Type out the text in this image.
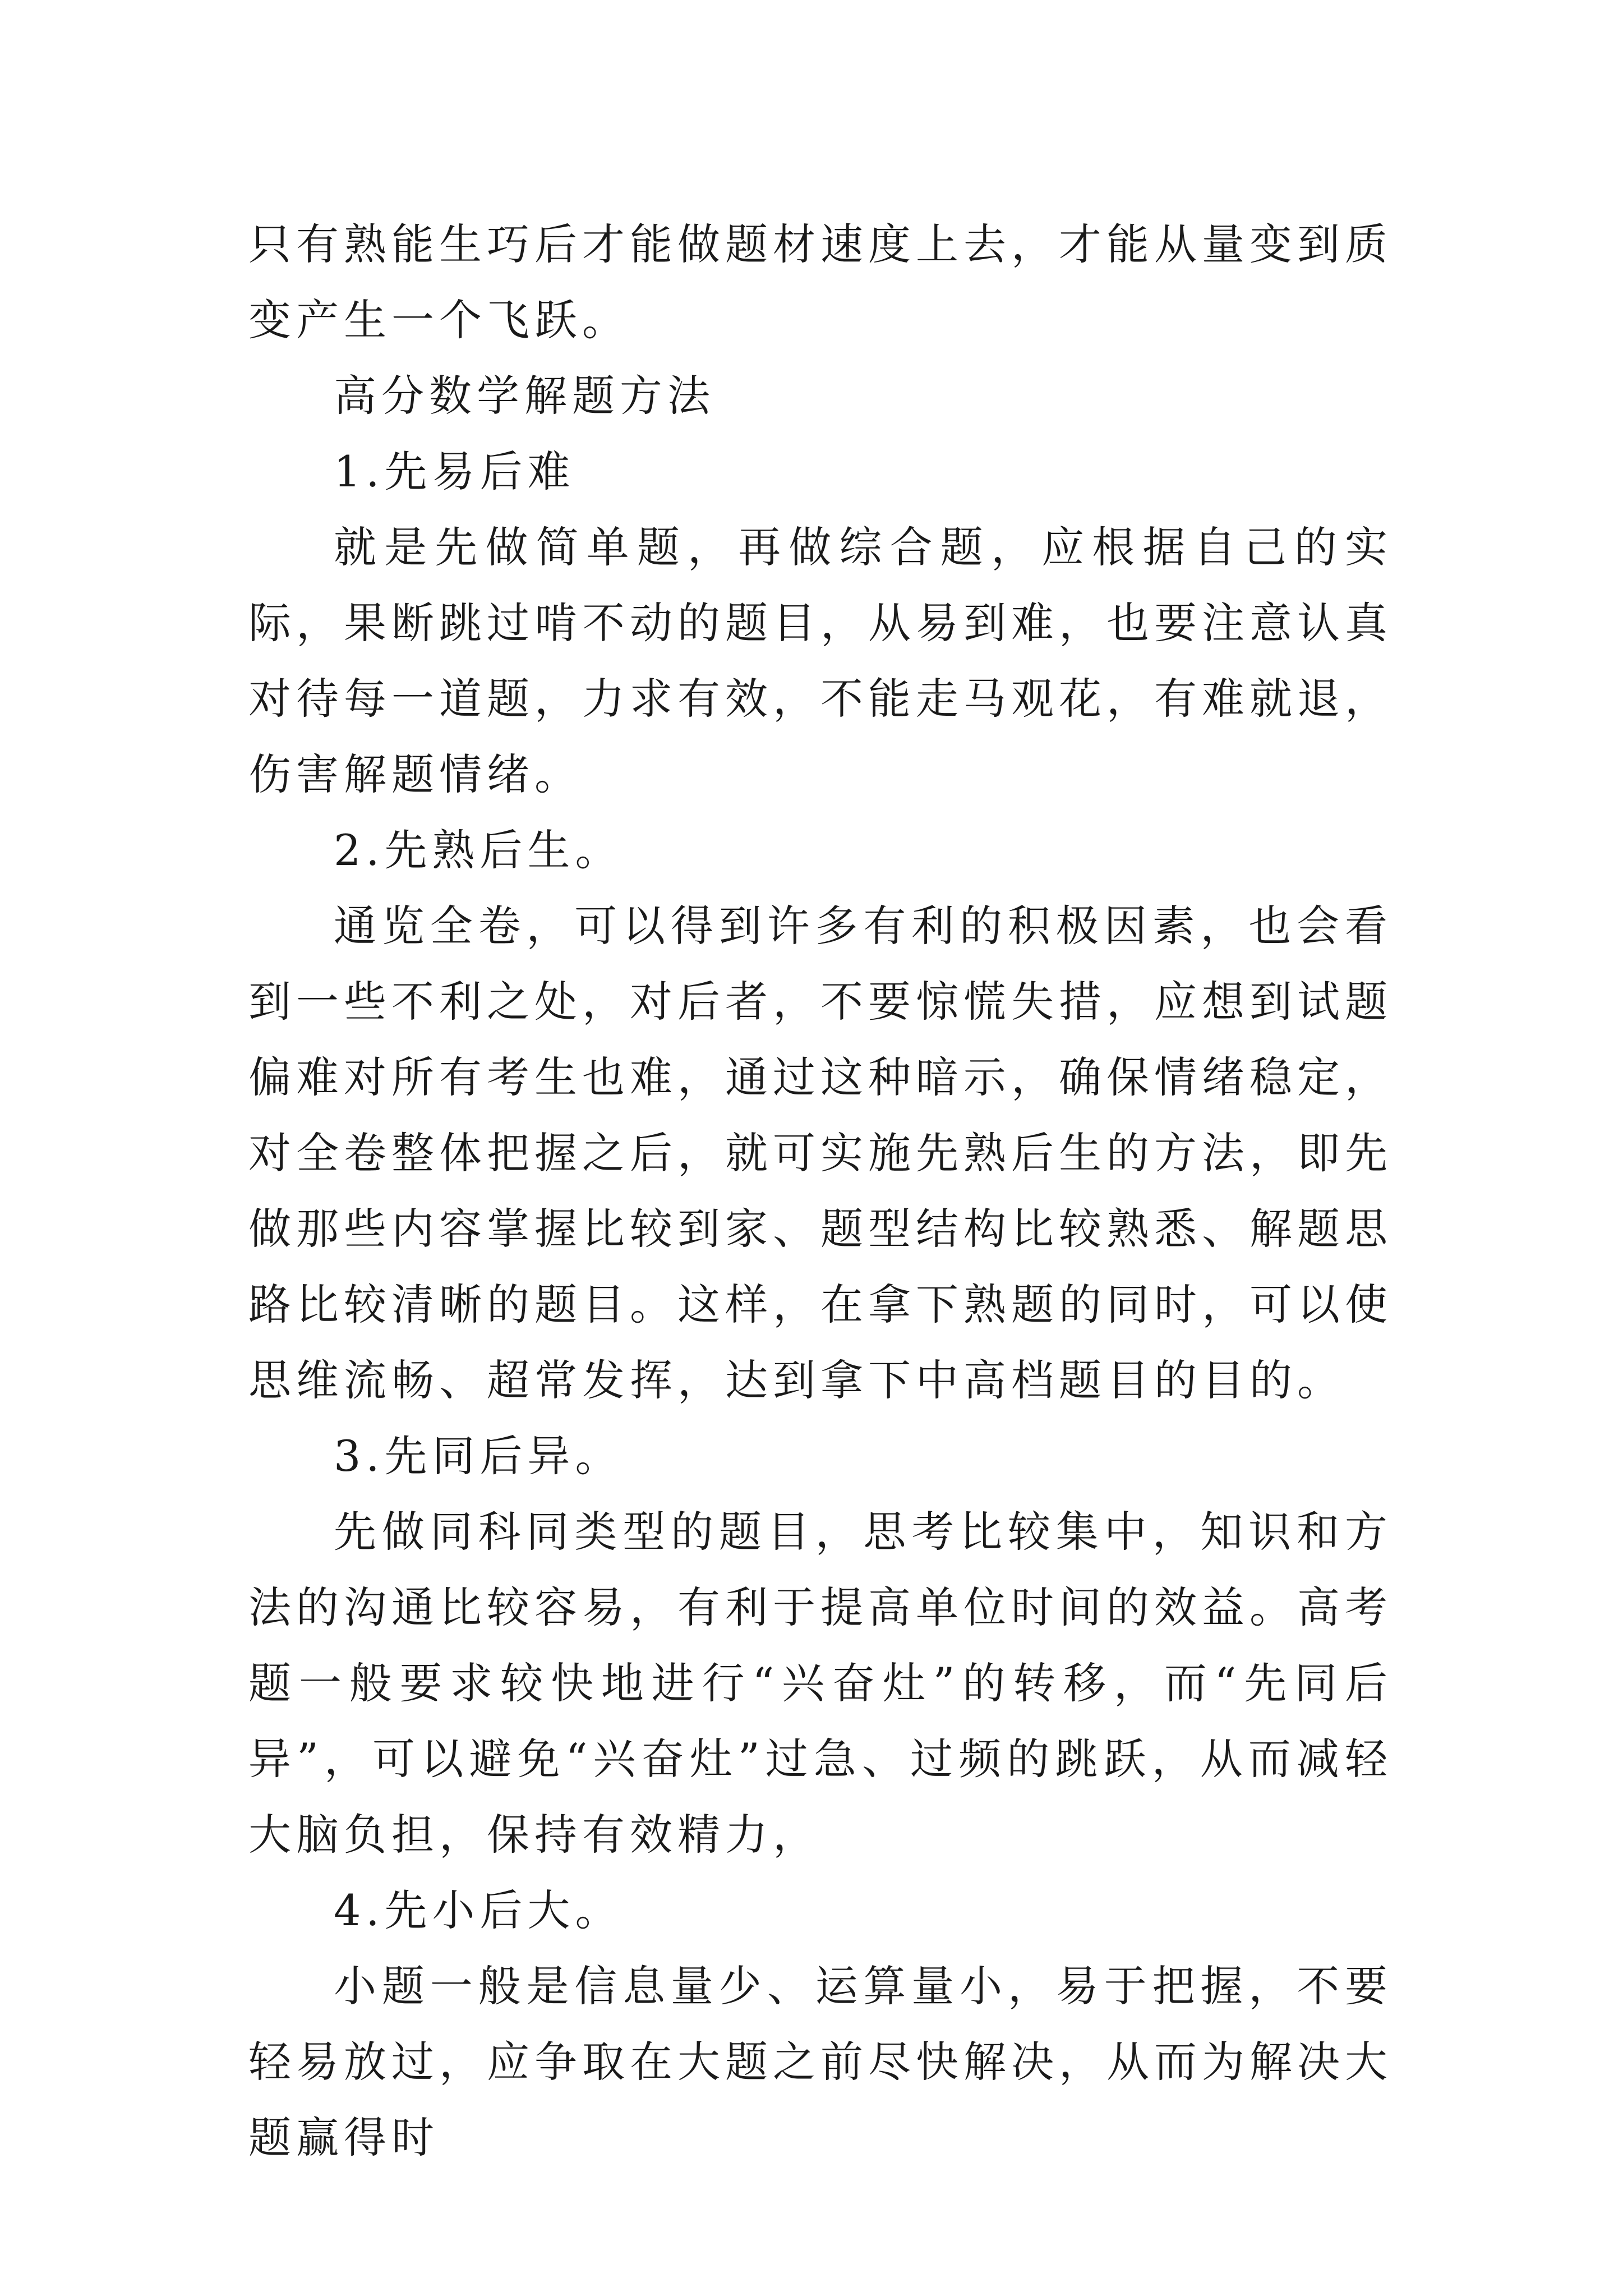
只有熟能生巧后才能做题材速度上去，才能从量变到质变产生一个飞跃。

高分数学解题方法

1.先易后难

就是先做简单题，再做综合题，应根据自己的实际，果断跳过啃不动的题目，从易到难，也要注意认真对待每一道题，力求有效，不能走马观花，有难就退，伤害解题情绪。

2.先熟后生。

通览全卷，可以得到许多有利的积极因素，也会看到一些不利之处，对后者，不要惊慌失措，应想到试题偏难对所有考生也难，通过这种暗示，确保情绪稳定，对全卷整体把握之后，就可实施先熟后生的方法，即先做那些内容掌握比较到家、题型结构比较熟悉、解题思路比较清晰的题目。这样，在拿下熟题的同时，可以使思维流畅、超常发挥，达到拿下中高档题目的目的。

3.先同后异。

先做同科同类型的题目，思考比较集中，知识和方法的沟通比较容易，有利于提高单位时间的效益。高考题一般要求较快地进行“兴奋灶”的转移，而“先同后异”，可以避免“兴奋灶”过急、过频的跳跃，从而减轻大脑负担，保持有效精力，

4.先小后大。

小题一般是信息量少、运算量小，易于把握，不要轻易放过，应争取在大题之前尽快解决，从而为解决大题赢得时
